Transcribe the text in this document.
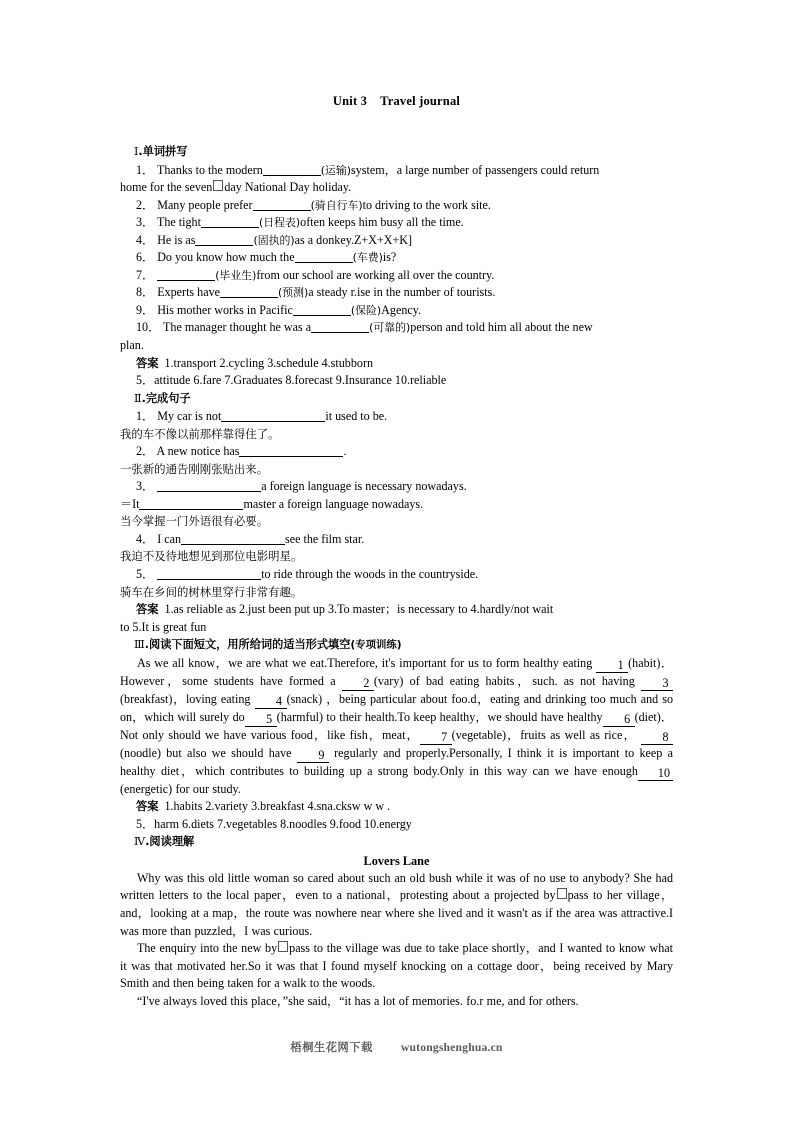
Unit 3 Travel journal
Ⅰ.单词拼写
1． Thanks to the modern	(运输)system，a large number of passengers could return
home for the seven day National Day holiday.
2． Many people prefer	(骑自行车)to driving to the work site.
3． The tight	(日程表)often keeps him busy all the time.
4． He is as	(固执的)as a donkey.Z+X+X+K]
6． Do you know how much the	(车费)is?
7．	(毕业生)from our school are working all over the country.
8． Experts have	(预测)a steady r.ise in the number of tourists.
9． His mother works in Pacific	(保险)Agency.
10． The manager thought he was a	(可靠的)person and told him all about the new
plan.
答案 1.transport 2.cycling 3.schedule 4.stubborn
5．attitude 6.fare 7.Graduates 8.forecast 9.Insurance 10.reliable
Ⅱ.完成句子
1． My car is not	it used to be.
我的车不像以前那样靠得住了。
2． A new notice has	.
一张新的通告刚刚张贴出来。
3．	a foreign language is necessary nowadays.
＝It	master a foreign language nowadays.
当今掌握一门外语很有必要。
4． I can	see the film star.
我迫不及待地想见到那位电影明星。
5．	to ride through the woods in the countryside.
骑车在乡间的树林里穿行非常有趣。
答案 1.as reliable as 2.just been put up 3.To master；is necessary to 4.hardly/not wait
to 5.It is great fun
Ⅲ.阅读下面短文，用所给词的适当形式填空(专项训练)
As we all know，we are what we eat.Therefore, it's important for us to form healthy eating 1 (habit)．However，some students have formed a 2 (vary) of bad eating habits，such. as not having 3(breakfast)，loving eating 4 (snack) ，being particular about foo.d，eating and drinking too much and so on，which will surely do 5 (harmful) to their health.To keep healthy，we should have healthy 6 (diet)．Not only should we have various food，like fish，meat， 7 (vegetable)，fruits as well as rice， 8(noodle) but also we should have 9 regularly and properly.Personally, I think it is important to keep a healthy diet，which contributes to building up a strong body.Only in this way can we have enough 10(energetic) for our study.
答案 1.habits 2.variety 3.breakfast 4.sna.cksw w w .
5．harm 6.diets 7.vegetables 8.noodles 9.food 10.energy
Ⅳ.阅读理解
Lovers Lane
Why was this old little woman so cared about such an old bush while it was of no use to anybody? She had written letters to the local paper，even to a national，protesting about a projected by pass to her village，and，looking at a map，the route was nowhere near where she lived and it wasn't as if the area was attractive.I was more than puzzled，I was curious.
The enquiry into the new by pass to the village was due to take place shortly，and I wanted to know what it was that motivated her.So it was that I found myself knocking on a cottage door，being received by Mary Smith and then being taken for a walk to the woods.
“I've always loved this place，”she said，“it has a lot of memories. fo.r me, and for others.
梧桐生花网下载 wutongshenghua.cn
